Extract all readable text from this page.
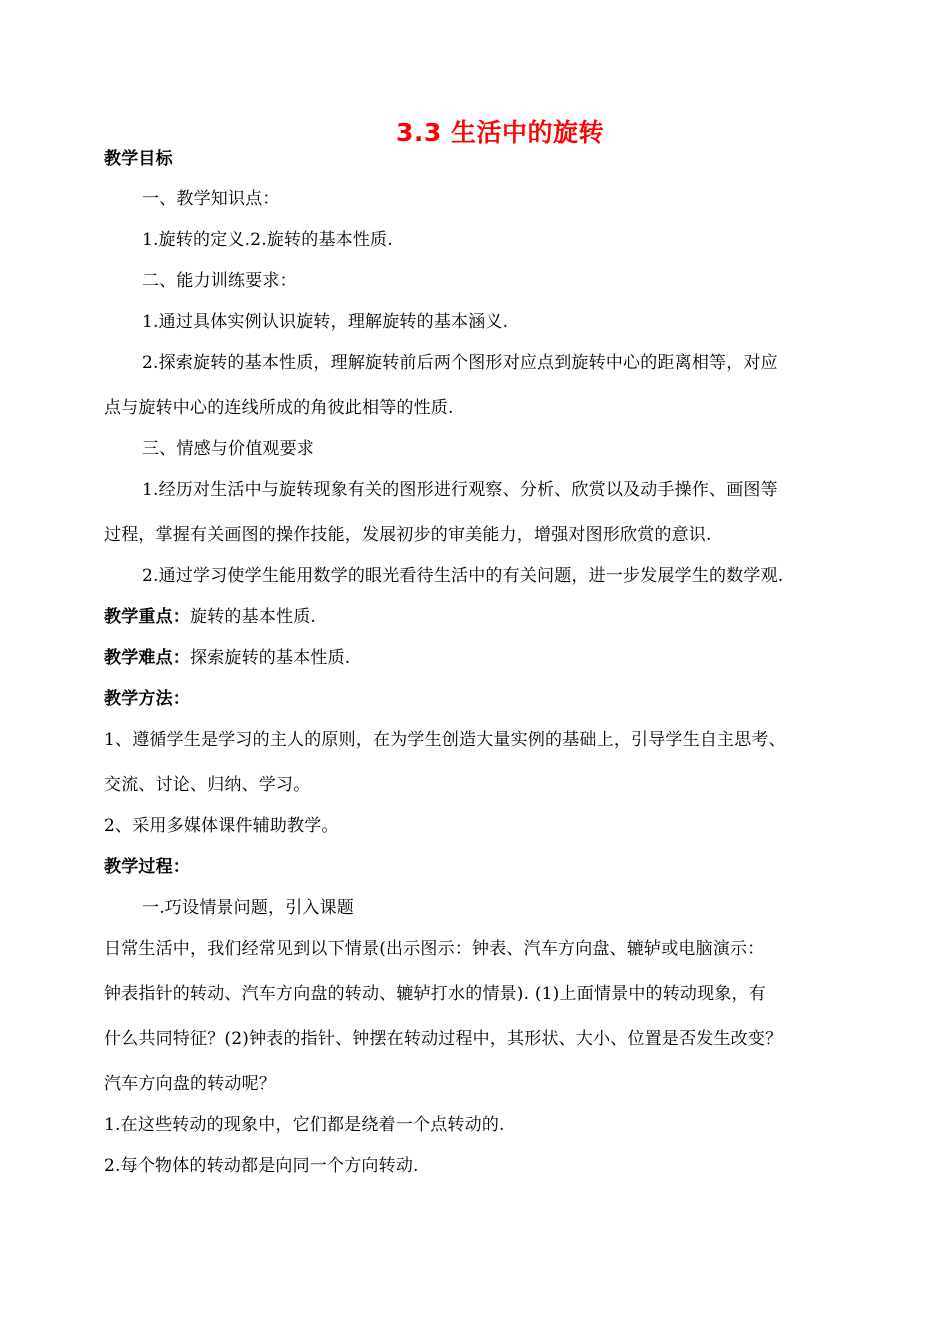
3.3 生活中的旋转

教学目标

一、教学知识点：

1.旋转的定义.2.旋转的基本性质.

二、能力训练要求：

1.通过具体实例认识旋转，理解旋转的基本涵义.

2.探索旋转的基本性质，理解旋转前后两个图形对应点到旋转中心的距离相等，对应

点与旋转中心的连线所成的角彼此相等的性质.

三、情感与价值观要求

1.经历对生活中与旋转现象有关的图形进行观察、分析、欣赏以及动手操作、画图等

过程，掌握有关画图的操作技能，发展初步的审美能力，增强对图形欣赏的意识.

2.通过学习使学生能用数学的眼光看待生活中的有关问题，进一步发展学生的数学观.

教学重点：旋转的基本性质.

教学难点：探索旋转的基本性质.

教学方法：

1、遵循学生是学习的主人的原则，在为学生创造大量实例的基础上，引导学生自主思考、

交流、讨论、归纳、学习。

2、采用多媒体课件辅助教学。

教学过程：

一.巧设情景问题，引入课题

日常生活中，我们经常见到以下情景(出示图示：钟表、汽车方向盘、辘轳或电脑演示：

钟表指针的转动、汽车方向盘的转动、辘轳打水的情景). (1)上面情景中的转动现象，有

什么共同特征？(2)钟表的指针、钟摆在转动过程中，其形状、大小、位置是否发生改变？

汽车方向盘的转动呢？

1.在这些转动的现象中，它们都是绕着一个点转动的.

2.每个物体的转动都是向同一个方向转动.
